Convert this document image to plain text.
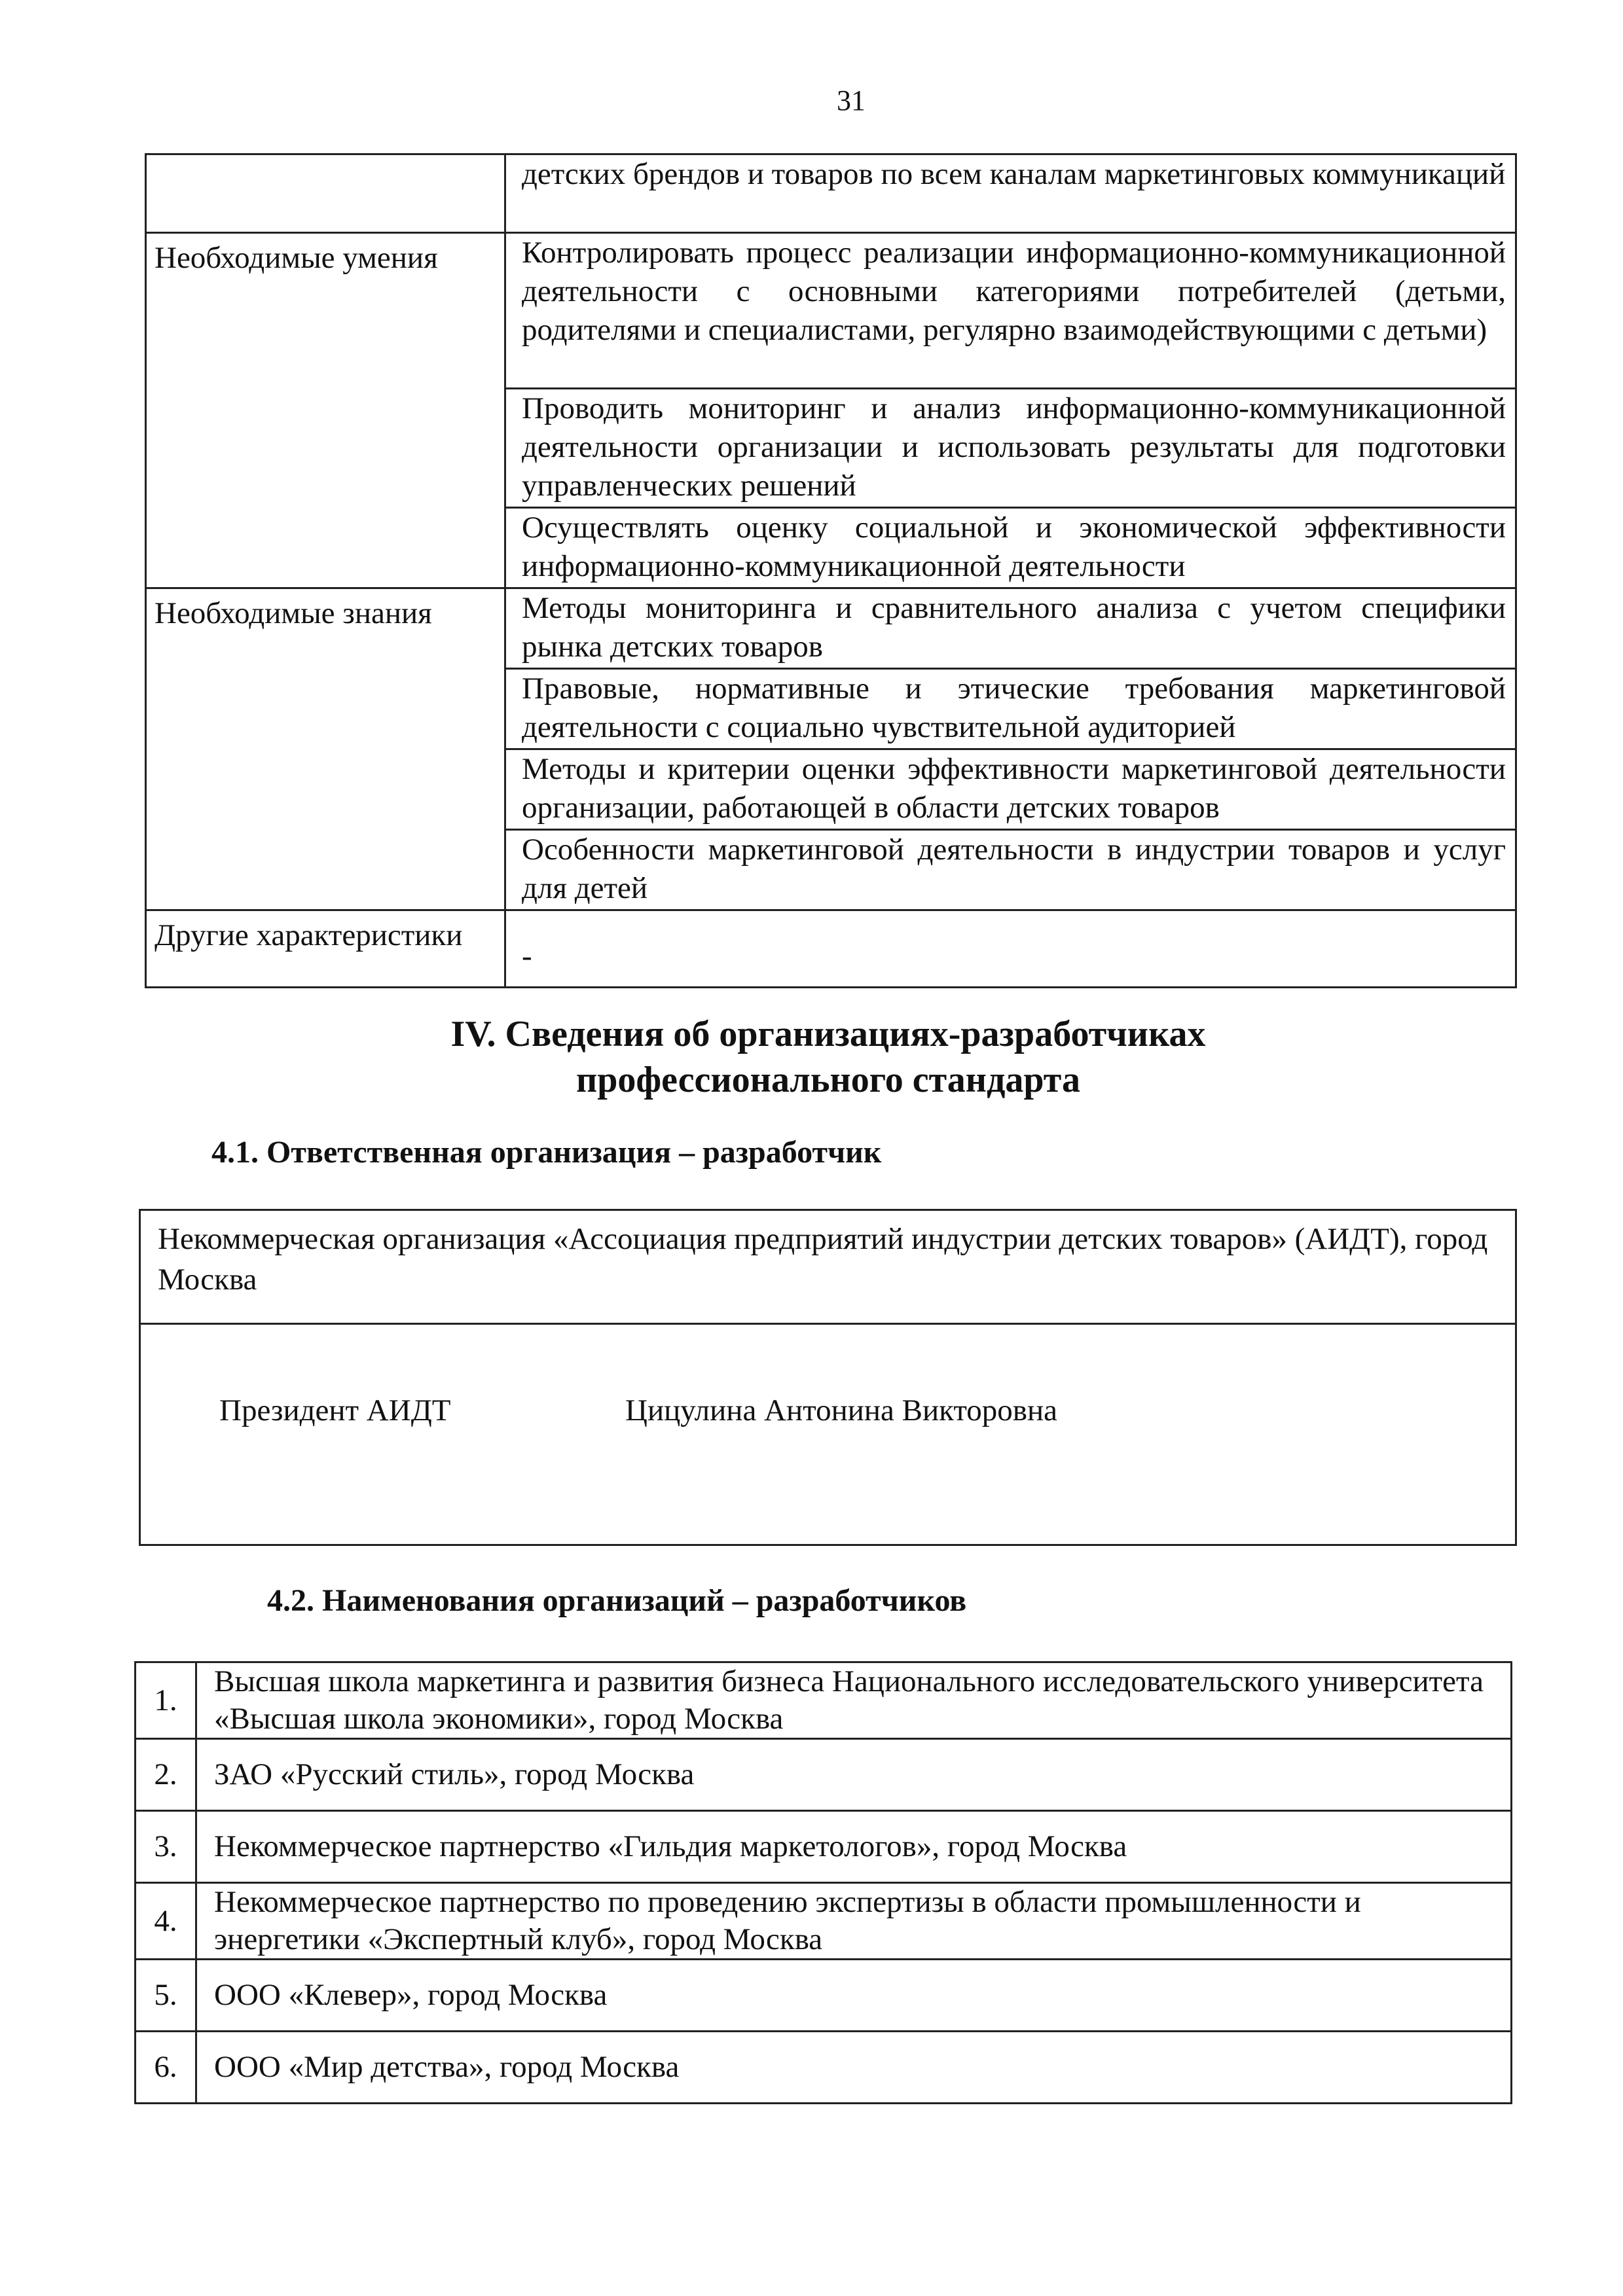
31
	детских брендов и товаров по всем каналам маркетинговых коммуникаций
Необходимые умения	Контролировать процесс реализации информационно-коммуникационной деятельности с основными категориями потребителей (детьми, родителями и специалистами, регулярно взаимодействующими с детьми)
	Проводить мониторинг и анализ информационно-коммуникационной деятельности организации и использовать результаты для подготовки управленческих решений
	Осуществлять оценку социальной и экономической эффективности информационно-коммуникационной деятельности
Необходимые знания	Методы мониторинга и сравнительного анализа с учетом специфики рынка детских товаров
	Правовые, нормативные и этические требования маркетинговой деятельности с социально чувствительной аудиторией
	Методы и критерии оценки эффективности маркетинговой деятельности организации, работающей в области детских товаров
	Особенности маркетинговой деятельности в индустрии товаров и услуг для детей
Другие характеристики	-
IV. Сведения об организациях-разработчиках
профессионального стандарта
4.1. Ответственная организация – разработчик
Некоммерческая организация «Ассоциация предприятий индустрии детских товаров» (АИДТ), город Москва
Президент АИДТ	Цицулина Антонина Викторовна
4.2. Наименования организаций – разработчиков
1.	Высшая школа маркетинга и развития бизнеса Национального исследовательского университета «Высшая школа экономики», город Москва
2.	ЗАО «Русский стиль», город Москва
3.	Некоммерческое партнерство «Гильдия маркетологов», город Москва
4.	Некоммерческое партнерство по проведению экспертизы в области промышленности и энергетики «Экспертный клуб», город Москва
5.	ООО «Клевер», город Москва
6.	ООО «Мир детства», город Москва
